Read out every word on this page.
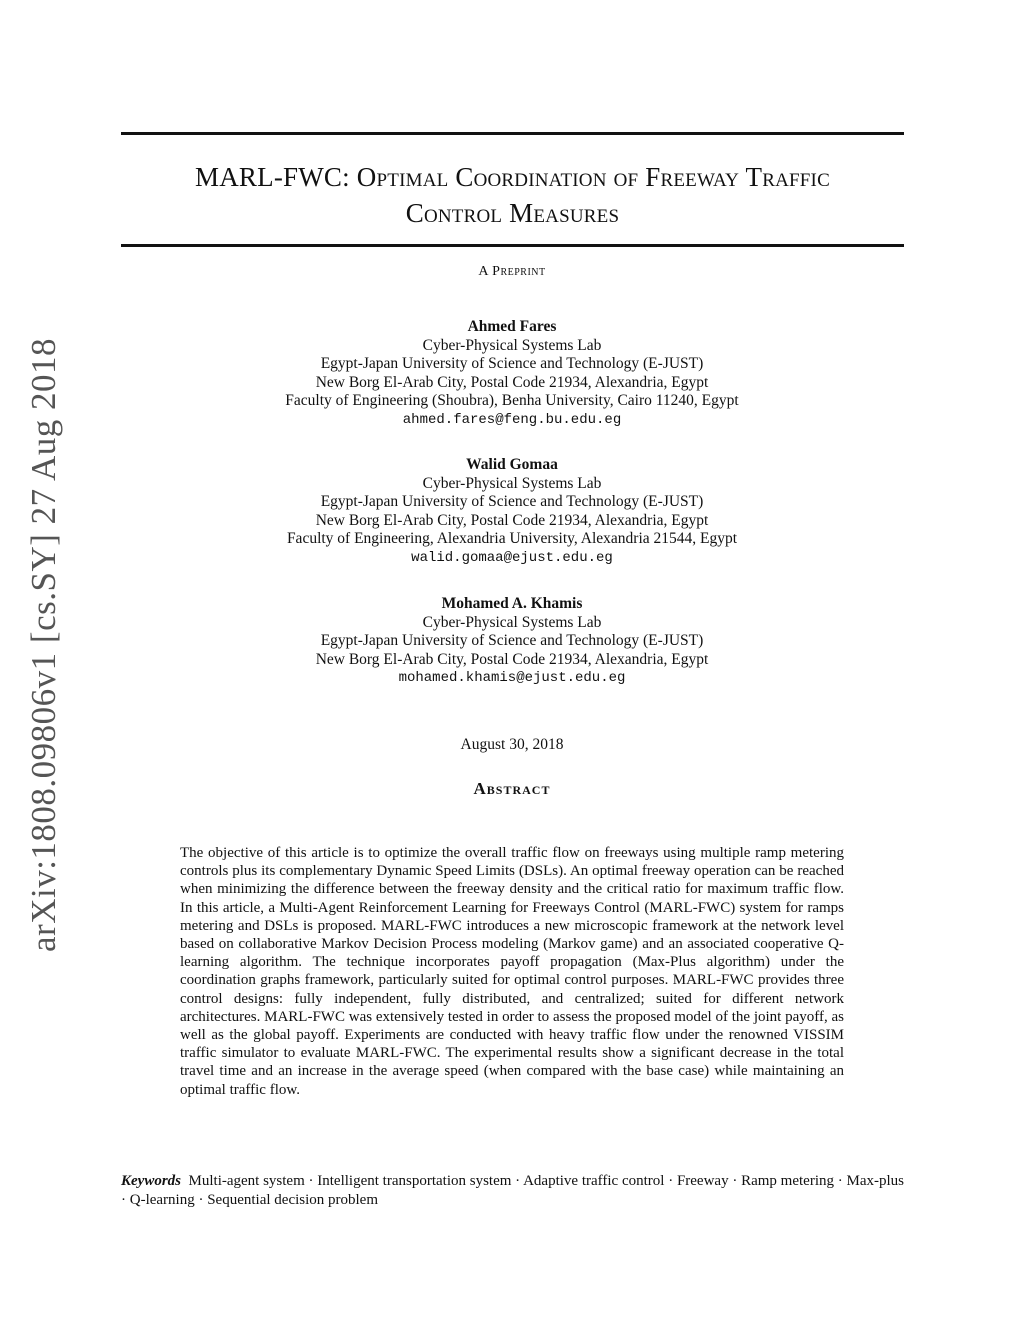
MARL-FWC: Optimal Coordination of Freeway Traffic
Control Measures
A Preprint
Ahmed Fares
Cyber-Physical Systems Lab
Egypt-Japan University of Science and Technology (E-JUST)
New Borg El-Arab City, Postal Code 21934, Alexandria, Egypt
Faculty of Engineering (Shoubra), Benha University, Cairo 11240, Egypt
ahmed.fares@feng.bu.edu.eg
Walid Gomaa
Cyber-Physical Systems Lab
Egypt-Japan University of Science and Technology (E-JUST)
New Borg El-Arab City, Postal Code 21934, Alexandria, Egypt
Faculty of Engineering, Alexandria University, Alexandria 21544, Egypt
walid.gomaa@ejust.edu.eg
Mohamed A. Khamis
Cyber-Physical Systems Lab
Egypt-Japan University of Science and Technology (E-JUST)
New Borg El-Arab City, Postal Code 21934, Alexandria, Egypt
mohamed.khamis@ejust.edu.eg
August 30, 2018
Abstract

The objective of this article is to optimize the overall traffic flow on freeways using multiple ramp metering controls plus its complementary Dynamic Speed Limits (DSLs). An optimal freeway operation can be reached when minimizing the difference between the freeway density and the critical ratio for maximum traffic flow. In this article, a Multi-Agent Reinforcement Learning for Freeways Control (MARL-FWC) system for ramps metering and DSLs is proposed. MARL-FWC introduces a new microscopic framework at the network level based on collaborative Markov Decision Process modeling (Markov game) and an associated cooperative Q-learning algorithm. The technique incorporates payoff propagation (Max-Plus algorithm) under the coordination graphs framework, particularly suited for optimal control purposes. MARL-FWC provides three control designs: fully independent, fully distributed, and centralized; suited for different network architectures. MARL-FWC was extensively tested in order to assess the proposed model of the joint payoff, as well as the global payoff. Experiments are conducted with heavy traffic flow under the renowned VISSIM traffic simulator to evaluate MARL-FWC. The experimental results show a significant decrease in the total travel time and an increase in the average speed (when compared with the base case) while maintaining an optimal traffic flow.

Keywords Multi-agent system · Intelligent transportation system · Adaptive traffic control · Freeway · Ramp metering · Max-plus · Q-learning · Sequential decision problem
arXiv:1808.09806v1 [cs.SY] 27 Aug 2018
